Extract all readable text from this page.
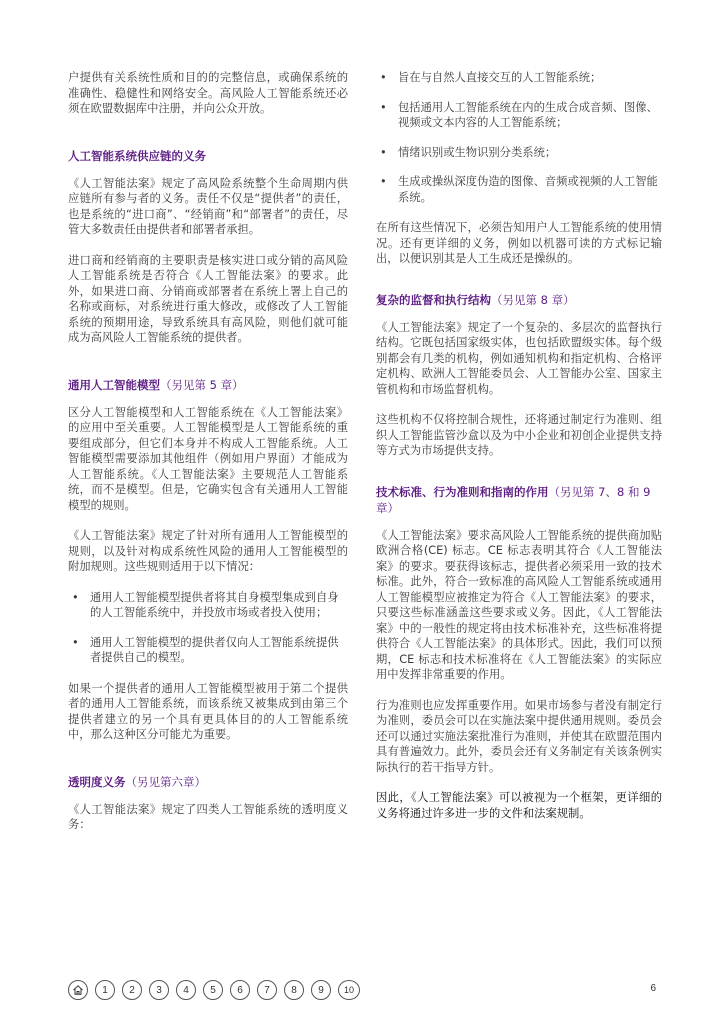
户提供有关系统性质和目的的完整信息，或确保系统的准确性、稳健性和网络安全。高风险人工智能系统还必须在欧盟数据库中注册，并向公众开放。

人工智能系统供应链的义务

《人工智能法案》规定了高风险系统整个生命周期内供应链所有参与者的义务。责任不仅是“提供者”的责任，也是系统的“进口商”、“经销商”和“部署者”的责任，尽管大多数责任由提供者和部署者承担。

进口商和经销商的主要职责是核实进口或分销的高风险人工智能系统是否符合《人工智能法案》的要求。此外，如果进口商、分销商或部署者在系统上署上自己的名称或商标，对系统进行重大修改，或修改了人工智能系统的预期用途，导致系统具有高风险，则他们就可能成为高风险人工智能系统的提供者。

通用人工智能模型（另见第 5 章）

区分人工智能模型和人工智能系统在《人工智能法案》的应用中至关重要。人工智能模型是人工智能系统的重要组成部分，但它们本身并不构成人工智能系统。人工智能模型需要添加其他组件（例如用户界面）才能成为人工智能系统。《人工智能法案》主要规范人工智能系统，而不是模型。但是，它确实包含有关通用人工智能模型的规则。

《人工智能法案》规定了针对所有通用人工智能模型的规则，以及针对构成系统性风险的通用人工智能模型的附加规则。这些规则适用于以下情况：

• 通用人工智能模型提供者将其自身模型集成到自身的人工智能系统中，并投放市场或者投入使用；
• 通用人工智能模型的提供者仅向人工智能系统提供者提供自己的模型。

如果一个提供者的通用人工智能模型被用于第二个提供者的通用人工智能系统，而该系统又被集成到由第三个提供者建立的另一个具有更具体目的的人工智能系统中，那么这种区分可能尤为重要。

透明度义务（另见第六章）

《人工智能法案》规定了四类人工智能系统的透明度义务：

• 旨在与自然人直接交互的人工智能系统；
• 包括通用人工智能系统在内的生成合成音频、图像、视频或文本内容的人工智能系统；
• 情绪识别或生物识别分类系统；
• 生成或操纵深度伪造的图像、音频或视频的人工智能系统。

在所有这些情况下，必须告知用户人工智能系统的使用情况。还有更详细的义务，例如以机器可读的方式标记输出，以便识别其是人工生成还是操纵的。

复杂的监督和执行结构（另见第 8 章）

《人工智能法案》规定了一个复杂的、多层次的监督执行结构。它既包括国家级实体，也包括欧盟级实体。每个级别都会有几类的机构，例如通知机构和指定机构、合格评定机构、欧洲人工智能委员会、人工智能办公室、国家主管机构和市场监督机构。

这些机构不仅将控制合规性，还将通过制定行为准则、组织人工智能监管沙盒以及为中小企业和初创企业提供支持等方式为市场提供支持。

技术标准、行为准则和指南的作用（另见第 7、8 和 9 章）

《人工智能法案》要求高风险人工智能系统的提供商加贴欧洲合格(CE) 标志。CE 标志表明其符合《人工智能法案》的要求。要获得该标志，提供者必须采用一致的技术标准。此外，符合一致标准的高风险人工智能系统或通用人工智能模型应被推定为符合《人工智能法案》的要求，只要这些标准涵盖这些要求或义务。因此，《人工智能法案》中的一般性的规定将由技术标准补充，这些标准将提供符合《人工智能法案》的具体形式。因此，我们可以预期，CE 标志和技术标准将在《人工智能法案》的实际应用中发挥非常重要的作用。

行为准则也应发挥重要作用。如果市场参与者没有制定行为准则，委员会可以在实施法案中提供通用规则。委员会还可以通过实施法案批准行为准则，并使其在欧盟范围内具有普遍效力。此外，委员会还有义务制定有关该条例实际执行的若干指导方针。

因此，《人工智能法案》可以被视为一个框架，更详细的义务将通过许多进一步的文件和法案规制。

1	2	3	4	5	6	7	8	9	10	6
